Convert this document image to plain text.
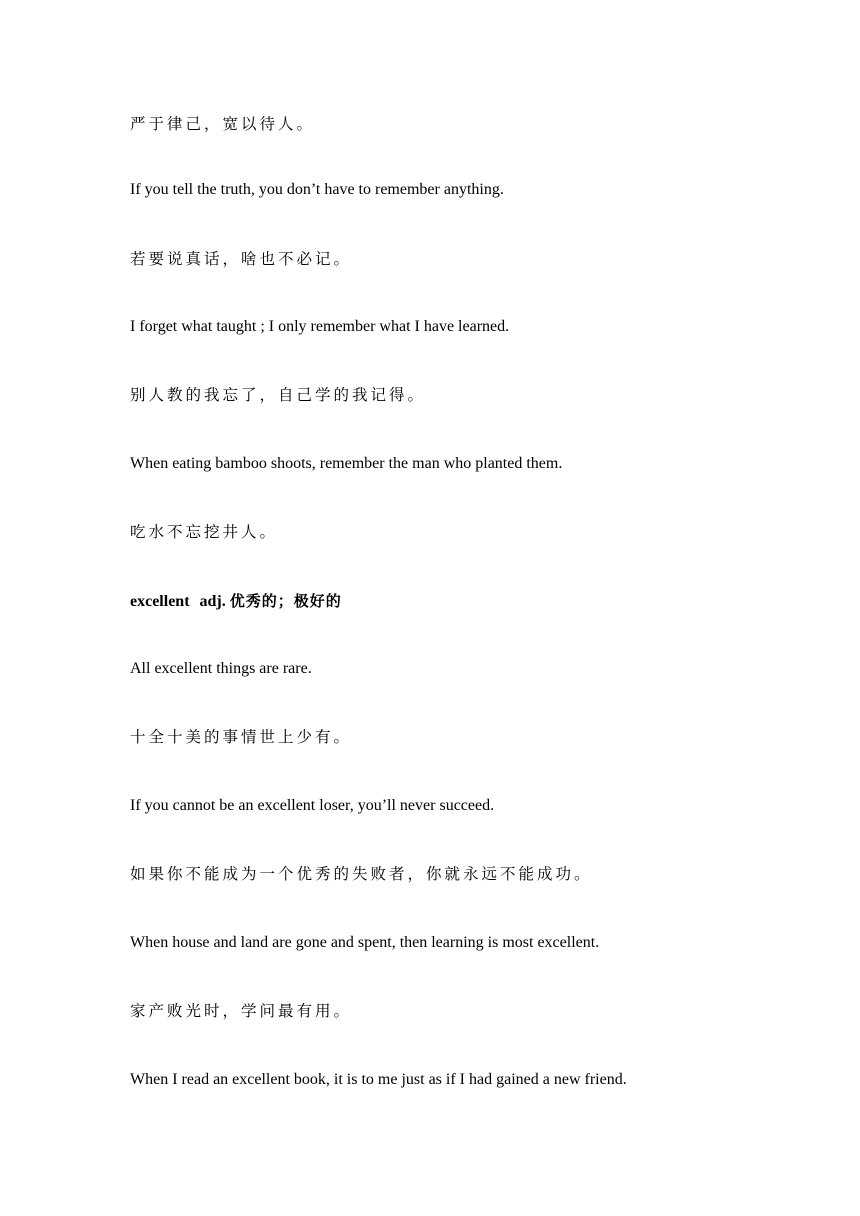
严于律己，宽以待人。

If you tell the truth, you don’t have to remember anything.

若要说真话，啥也不必记。

I forget what taught ; I only remember what I have learned.

别人教的我忘了，自己学的我记得。

When eating bamboo shoots, remember the man who planted them.

吃水不忘挖井人。

excellent adj. 优秀的；极好的

All excellent things are rare.

十全十美的事情世上少有。

If you cannot be an excellent loser, you’ll never succeed.

如果你不能成为一个优秀的失败者，你就永远不能成功。

When house and land are gone and spent, then learning is most excellent.

家产败光时，学问最有用。

When I read an excellent book, it is to me just as if I had gained a new friend.
